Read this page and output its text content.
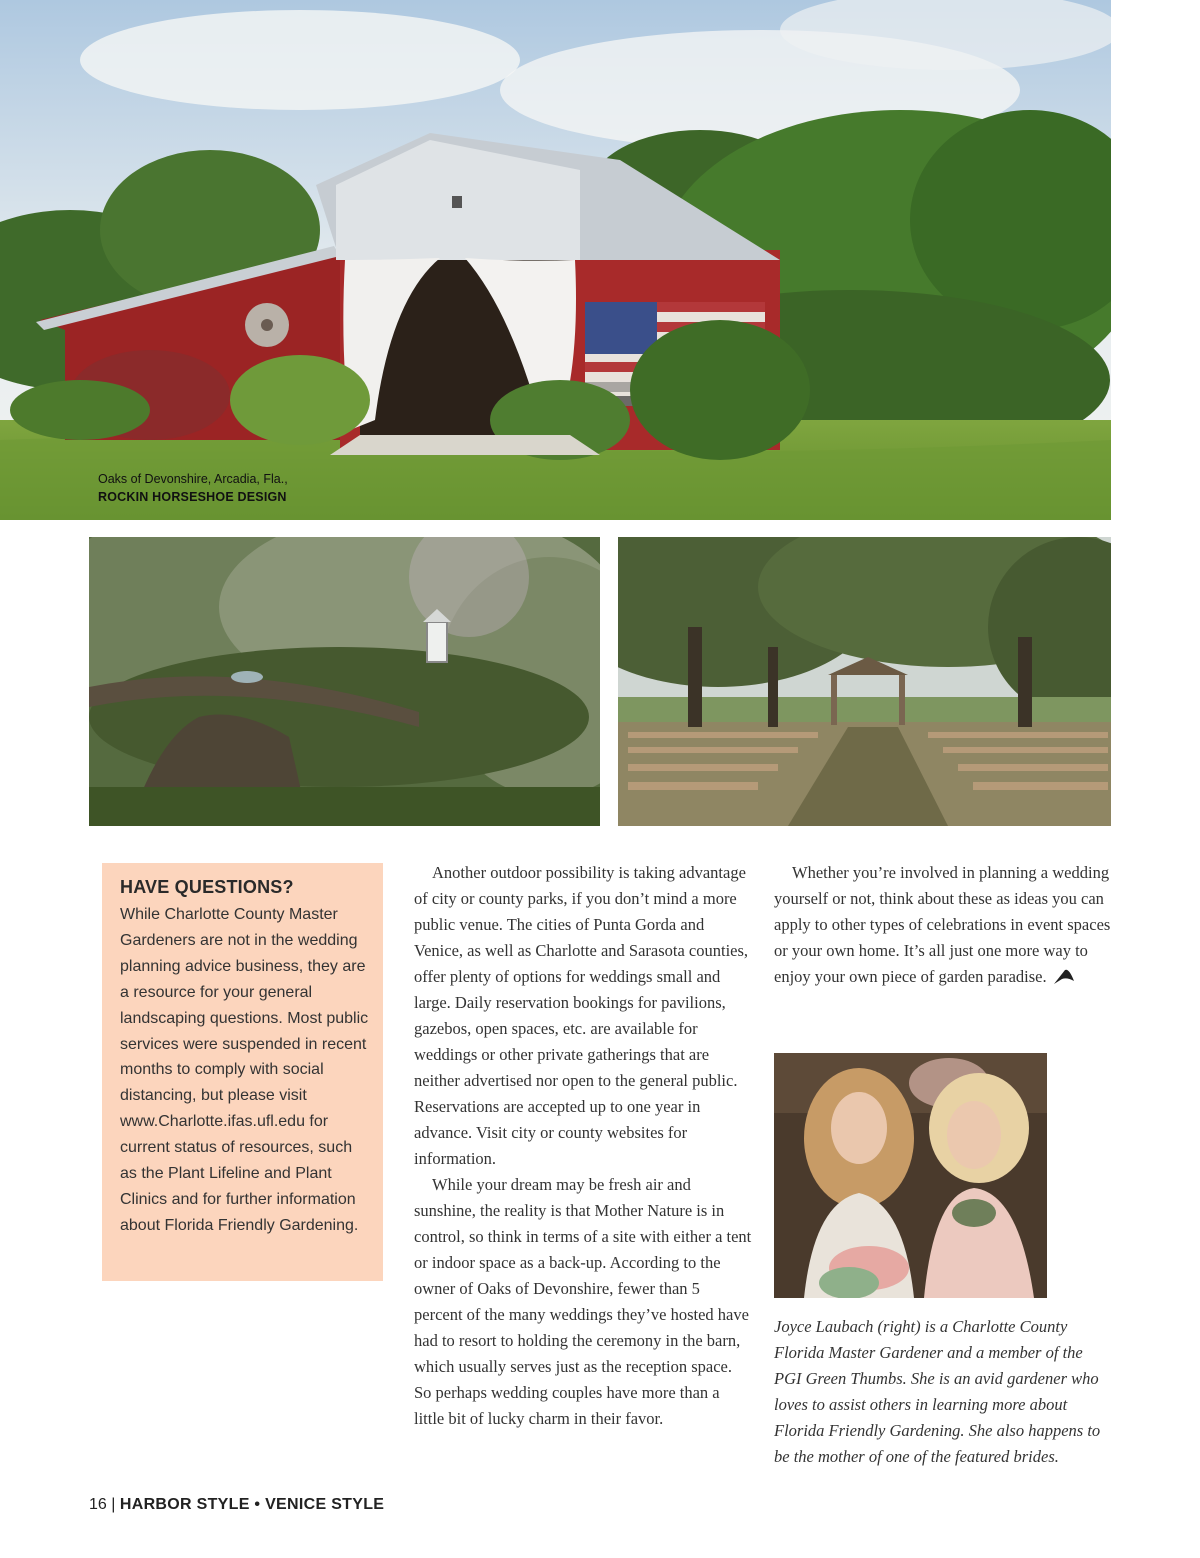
Oaks of Devonshire, Arcadia, Fla.,
ROCKIN HORSESHOE DESIGN
HAVE QUESTIONS?

While Charlotte County Master Gardeners are not in the wedding planning advice business, they are a resource for your general landscaping questions. Most public services were suspended in recent months to comply with social distancing, but please visit www.Charlotte.ifas.ufl.edu for current status of resources, such as the Plant Lifeline and Plant Clinics and for further information about Florida Friendly Gardening.

Another outdoor possibility is taking advantage of city or county parks, if you don’t mind a more public venue. The cities of Punta Gorda and Venice, as well as Charlotte and Sarasota counties, offer plenty of options for weddings small and large. Daily reservation bookings for pavilions, gazebos, open spaces, etc. are available for weddings or other private gatherings that are neither advertised nor open to the general public. Reservations are accepted up to one year in advance. Visit city or county websites for information.

While your dream may be fresh air and sunshine, the reality is that Mother Nature is in control, so think in terms of a site with either a tent or indoor space as a back-up. According to the owner of Oaks of Devonshire, fewer than 5 percent of the many weddings they’ve hosted have had to resort to holding the ceremony in the barn, which usually serves just as the reception space. So perhaps wedding couples have more than a little bit of lucky charm in their favor.

Whether you’re involved in planning a wedding yourself or not, think about these as ideas you can apply to other types of celebrations in event spaces or your own home. It’s all just one more way to enjoy your own piece of garden paradise.

Joyce Laubach (right) is a Charlotte County Florida Master Gardener and a member of the PGI Green Thumbs. She is an avid gardener who loves to assist others in learning more about Florida Friendly Gardening. She also happens to be the mother of one of the featured brides.
16 | HARBOR STYLE • VENICE STYLE
